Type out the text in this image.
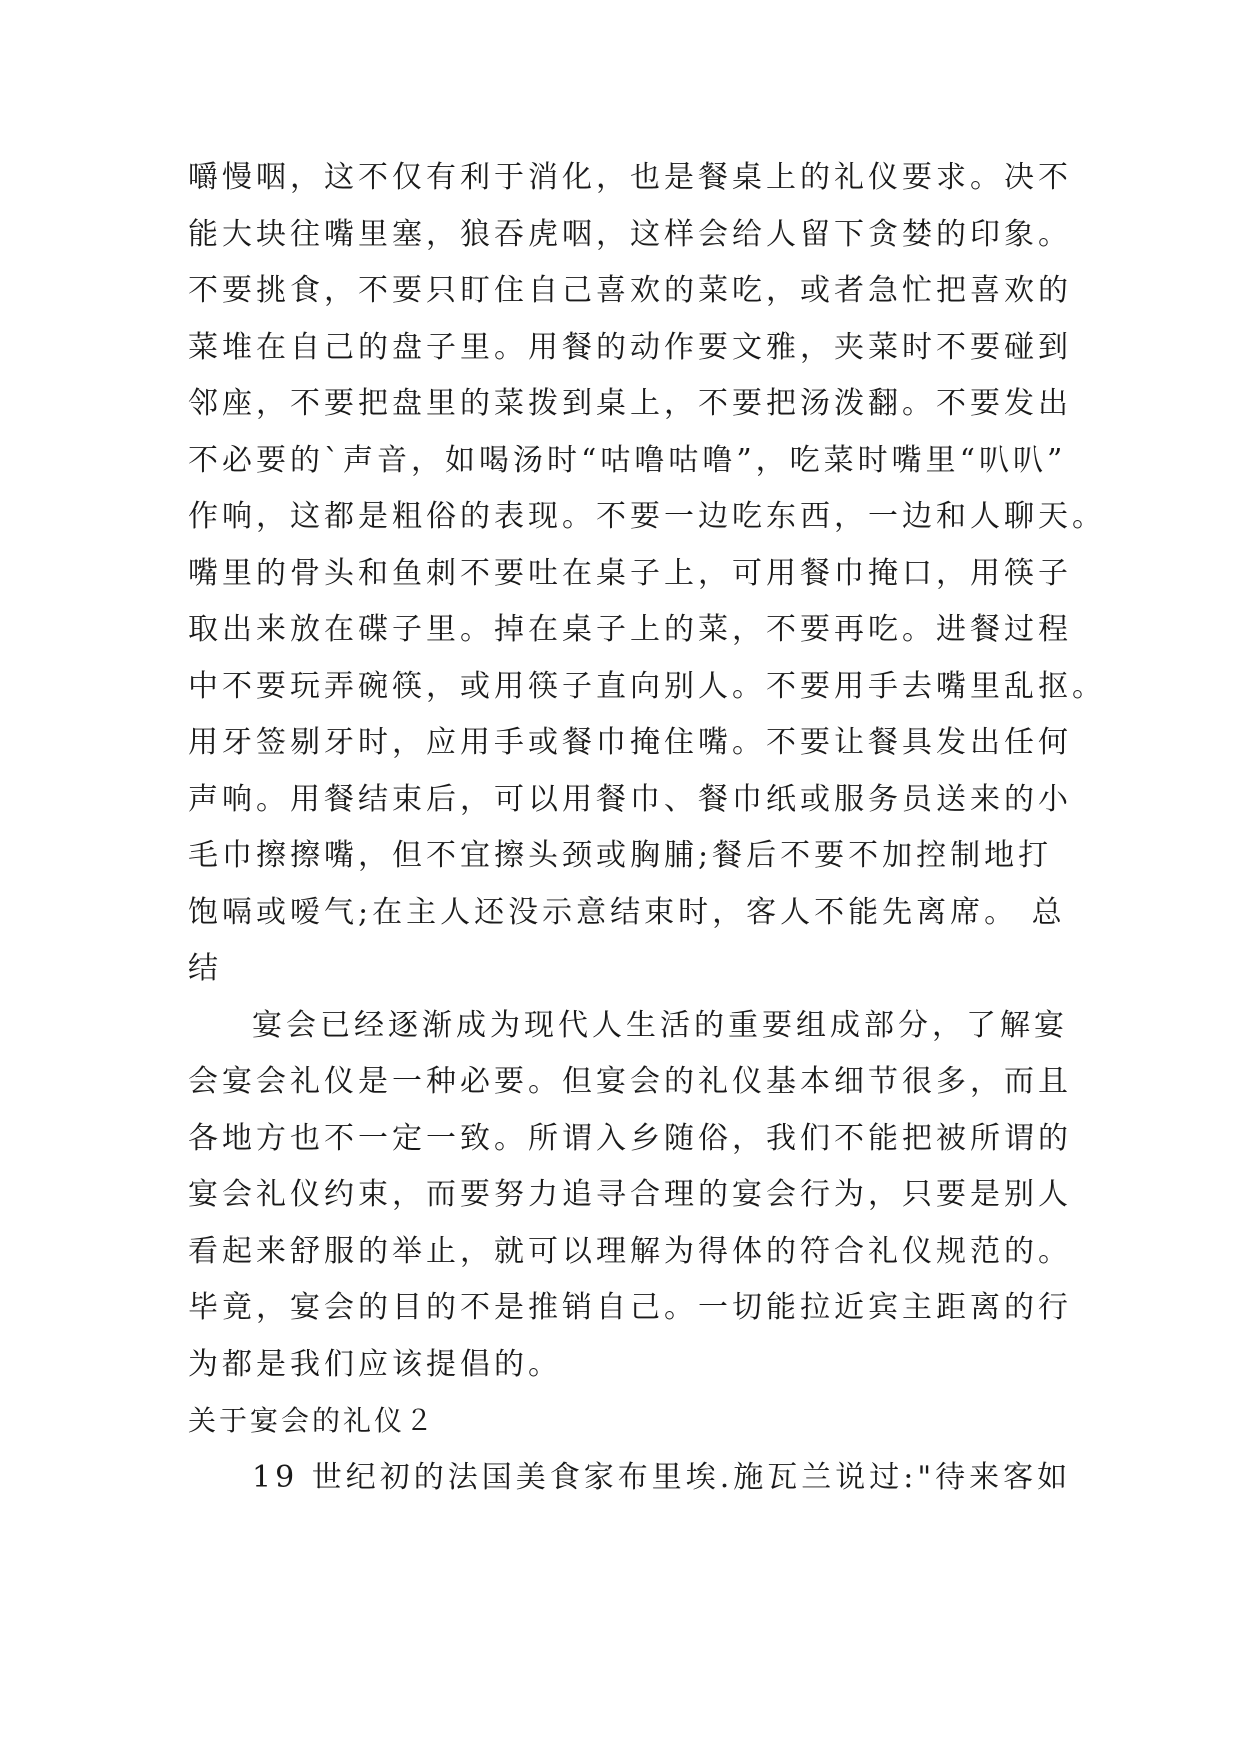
嚼慢咽，这不仅有利于消化，也是餐桌上的礼仪要求。决不
能大块往嘴里塞，狼吞虎咽，这样会给人留下贪婪的印象。
不要挑食，不要只盯住自己喜欢的菜吃，或者急忙把喜欢的
菜堆在自己的盘子里。用餐的动作要文雅，夹菜时不要碰到
邻座，不要把盘里的菜拨到桌上，不要把汤泼翻。不要发出
不必要的`声音，如喝汤时“咕噜咕噜”，吃菜时嘴里“叭叭”
作响，这都是粗俗的表现。不要一边吃东西，一边和人聊天。
嘴里的骨头和鱼刺不要吐在桌子上，可用餐巾掩口，用筷子
取出来放在碟子里。掉在桌子上的菜，不要再吃。进餐过程
中不要玩弄碗筷，或用筷子直向别人。不要用手去嘴里乱抠。
用牙签剔牙时，应用手或餐巾掩住嘴。不要让餐具发出任何
声响。用餐结束后，可以用餐巾、餐巾纸或服务员送来的小
毛巾擦擦嘴，但不宜擦头颈或胸脯;餐后不要不加控制地打
饱嗝或嗳气;在主人还没示意结束时，客人不能先离席。 总
结
宴会已经逐渐成为现代人生活的重要组成部分，了解宴
会宴会礼仪是一种必要。但宴会的礼仪基本细节很多，而且
各地方也不一定一致。所谓入乡随俗，我们不能把被所谓的
宴会礼仪约束，而要努力追寻合理的宴会行为，只要是别人
看起来舒服的举止，就可以理解为得体的符合礼仪规范的。
毕竟，宴会的目的不是推销自己。一切能拉近宾主距离的行
为都是我们应该提倡的。
关于宴会的礼仪２
19 世纪初的法国美食家布里埃.施瓦兰说过:"待来客如
